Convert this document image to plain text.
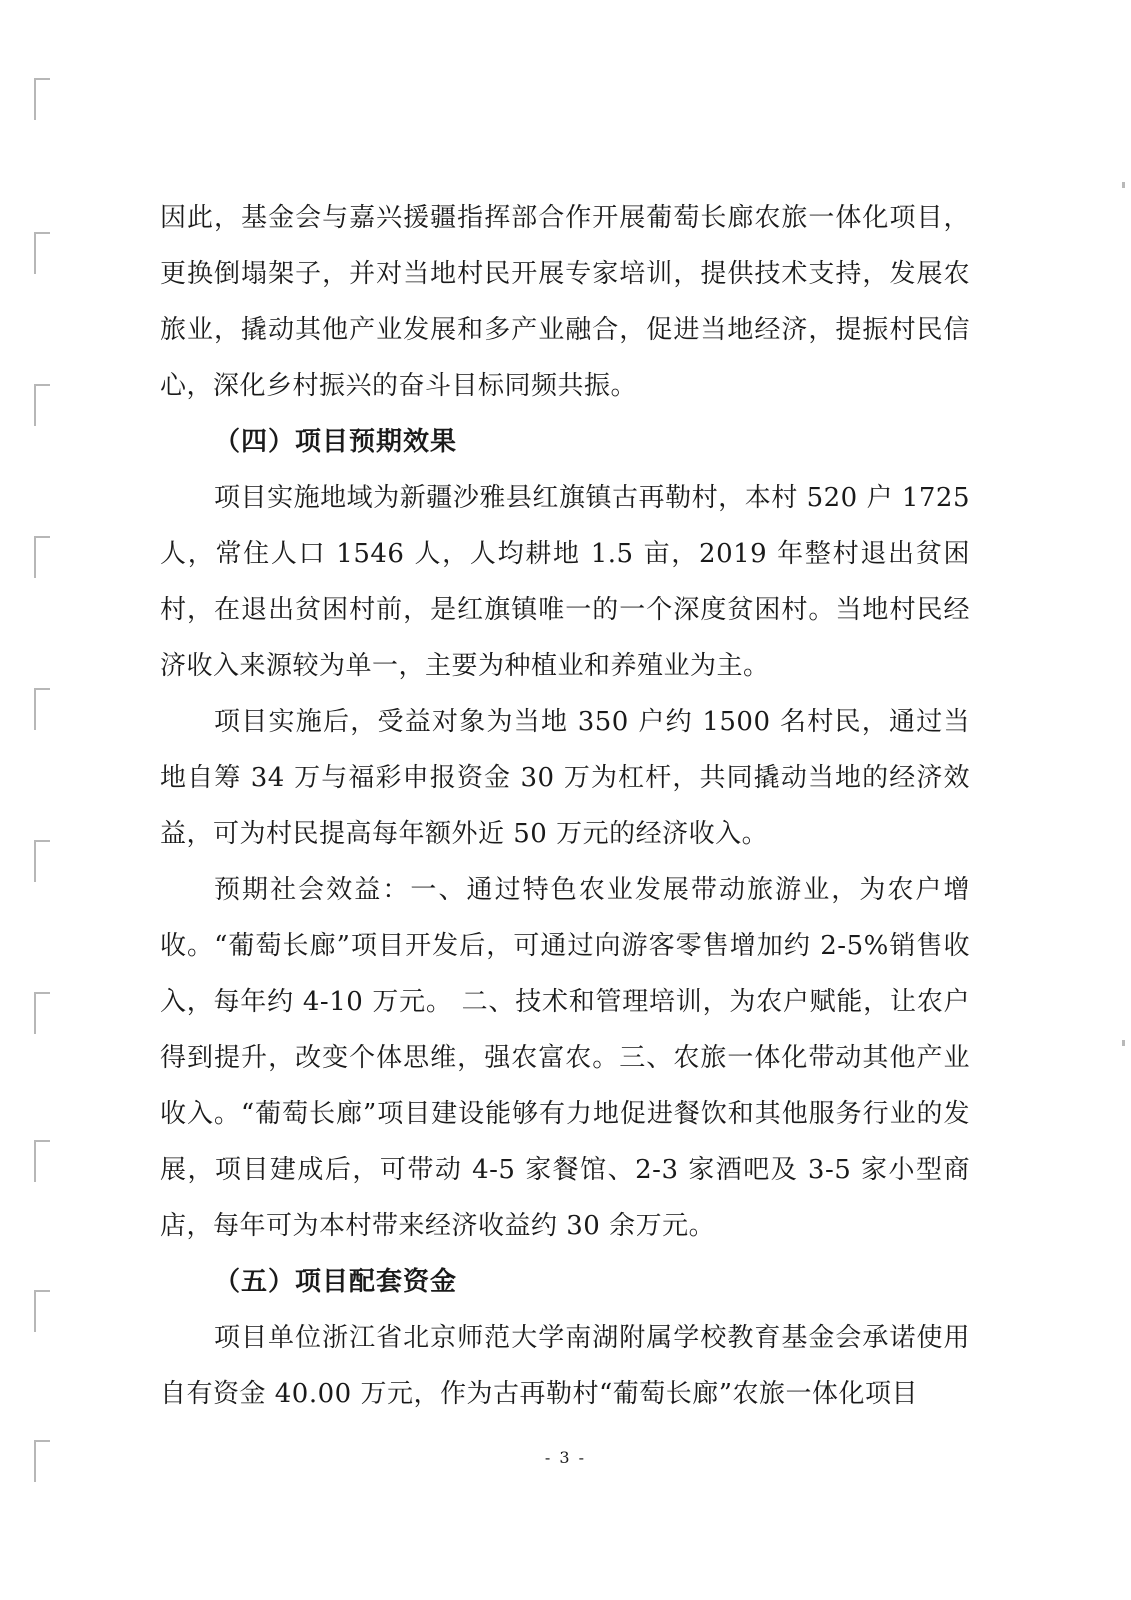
因此，基金会与嘉兴援疆指挥部合作开展葡萄长廊农旅一体化项目，更换倒塌架子，并对当地村民开展专家培训，提供技术支持，发展农旅业，撬动其他产业发展和多产业融合，促进当地经济，提振村民信心，深化乡村振兴的奋斗目标同频共振。

（四）项目预期效果

项目实施地域为新疆沙雅县红旗镇古再勒村，本村 520 户 1725 人，常住人口 1546 人，人均耕地 1.5 亩，2019 年整村退出贫困村，在退出贫困村前，是红旗镇唯一的一个深度贫困村。当地村民经济收入来源较为单一，主要为种植业和养殖业为主。

项目实施后，受益对象为当地 350 户约 1500 名村民，通过当地自筹 34 万与福彩申报资金 30 万为杠杆，共同撬动当地的经济效益，可为村民提高每年额外近 50 万元的经济收入。

预期社会效益：一、通过特色农业发展带动旅游业，为农户增收。“葡萄长廊”项目开发后，可通过向游客零售增加约 2-5%销售收入，每年约 4-10 万元。 二、技术和管理培训，为农户赋能，让农户得到提升，改变个体思维，强农富农。三、农旅一体化带动其他产业收入。“葡萄长廊”项目建设能够有力地促进餐饮和其他服务行业的发展，项目建成后，可带动 4-5 家餐馆、2-3 家酒吧及 3-5 家小型商店，每年可为本村带来经济收益约 30 余万元。

（五）项目配套资金

项目单位浙江省北京师范大学南湖附属学校教育基金会承诺使用自有资金 40.00 万元，作为古再勒村“葡萄长廊”农旅一体化项目

- 3 -
